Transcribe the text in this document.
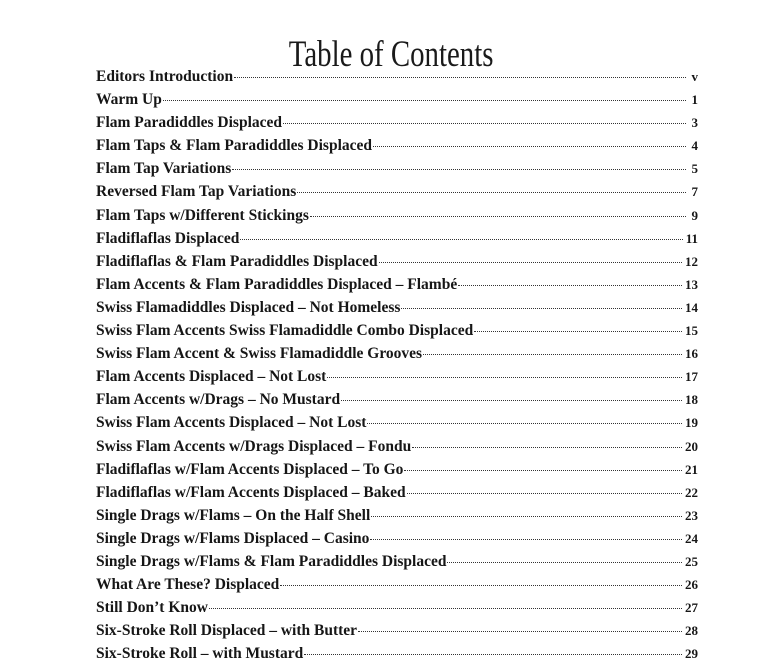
Table of Contents
Editors Introduction	v
Warm Up	1
Flam Paradiddles Displaced	3
Flam Taps & Flam Paradiddles Displaced	4
Flam Tap Variations	5
Reversed Flam Tap Variations	7
Flam Taps w/Different Stickings	9
Fladiflaflas Displaced	11
Fladiflaflas & Flam Paradiddles Displaced	12
Flam Accents & Flam Paradiddles Displaced – Flambé	13
Swiss Flamadiddles Displaced – Not Homeless	14
Swiss Flam Accents Swiss Flamadiddle Combo Displaced	15
Swiss Flam Accent & Swiss Flamadiddle Grooves	16
Flam Accents Displaced – Not Lost	17
Flam Accents w/Drags – No Mustard	18
Swiss Flam Accents Displaced – Not Lost	19
Swiss Flam Accents w/Drags Displaced – Fondu	20
Fladiflaflas w/Flam Accents Displaced – To Go	21
Fladiflaflas w/Flam Accents Displaced – Baked	22
Single Drags w/Flams – On the Half Shell	23
Single Drags w/Flams Displaced – Casino	24
Single Drags w/Flams & Flam Paradiddles Displaced	25
What Are These? Displaced	26
Still Don’t Know	27
Six-Stroke Roll Displaced – with Butter	28
Six-Stroke Roll – with Mustard	29
